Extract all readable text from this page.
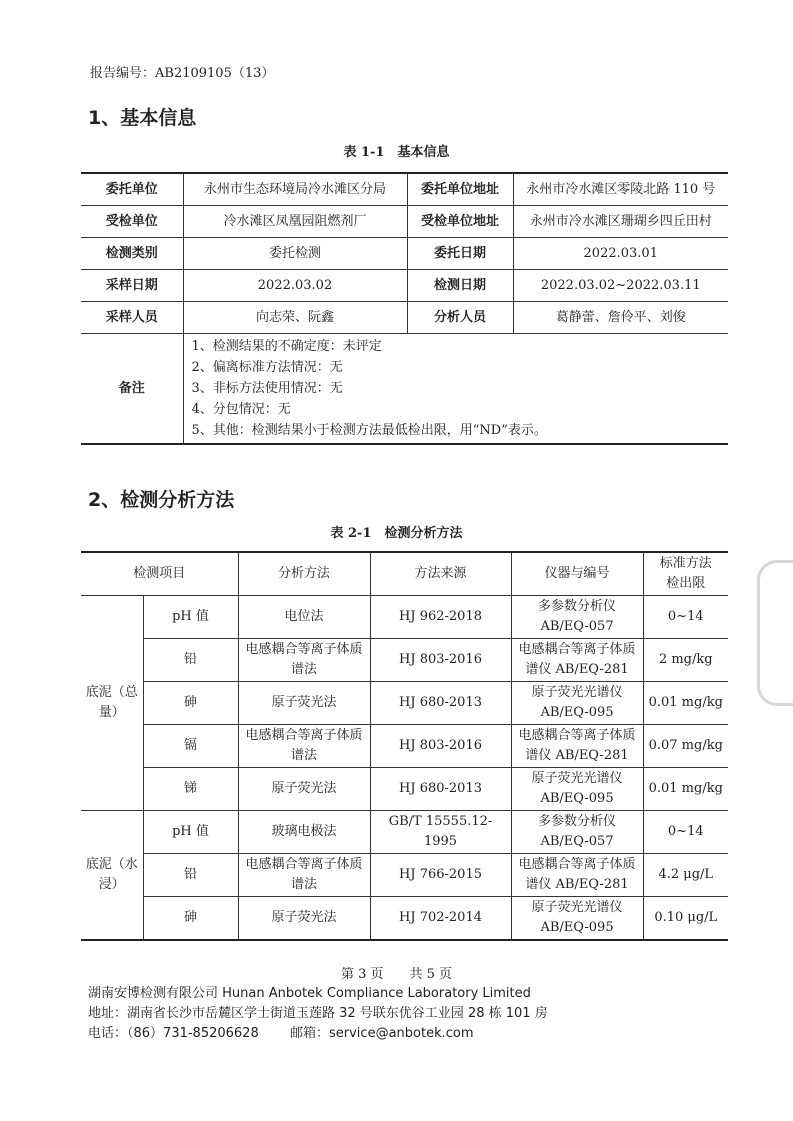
报告编号：AB2109105（13）
1、基本信息
表 1-1　基本信息
委托单位	永州市生态环境局冷水滩区分局	委托单位地址	永州市冷水滩区零陵北路 110 号
受检单位	冷水滩区凤凰园阻燃剂厂	受检单位地址	永州市冷水滩区珊瑚乡四丘田村
检测类别	委托检测	委托日期	2022.03.01
采样日期	2022.03.02	检测日期	2022.03.02~2022.03.11
采样人员	向志荣、阮鑫	分析人员	葛静蕾、詹伶平、刘俊
备注	1、检测结果的不确定度：未评定
2、偏离标准方法情况：无
3、非标方法使用情况：无
4、分包情况：无
5、其他：检测结果小于检测方法最低检出限，用“ND”表示。		
2、检测分析方法
表 2-1　检测分析方法
检测项目		分析方法	方法来源	仪器与编号	标准方法检出限
底泥（总量）	pH 值	电位法	HJ 962-2018	多参数分析仪 AB/EQ-057	0~14
	铅	电感耦合等离子体质谱法	HJ 803-2016	电感耦合等离子体质谱仪 AB/EQ-281	2 mg/kg
	砷	原子荧光法	HJ 680-2013	原子荧光光谱仪 AB/EQ-095	0.01 mg/kg
	镉	电感耦合等离子体质谱法	HJ 803-2016	电感耦合等离子体质谱仪 AB/EQ-281	0.07 mg/kg
	锑	原子荧光法	HJ 680-2013	原子荧光光谱仪 AB/EQ-095	0.01 mg/kg
底泥（水浸）	pH 值	玻璃电极法	GB/T 15555.12-1995	多参数分析仪 AB/EQ-057	0~14
	铅	电感耦合等离子体质谱法	HJ 766-2015	电感耦合等离子体质谱仪 AB/EQ-281	4.2 μg/L
	砷	原子荧光法	HJ 702-2014	原子荧光光谱仪 AB/EQ-095	0.10 μg/L
第 3 页　　共 5 页
湖南安博检测有限公司 Hunan Anbotek Compliance Laboratory Limited
地址：湖南省长沙市岳麓区学士街道玉莲路 32 号联东优谷工业园 28 栋 101 房
电话：（86）731-85206628 邮箱：service@anbotek.com
